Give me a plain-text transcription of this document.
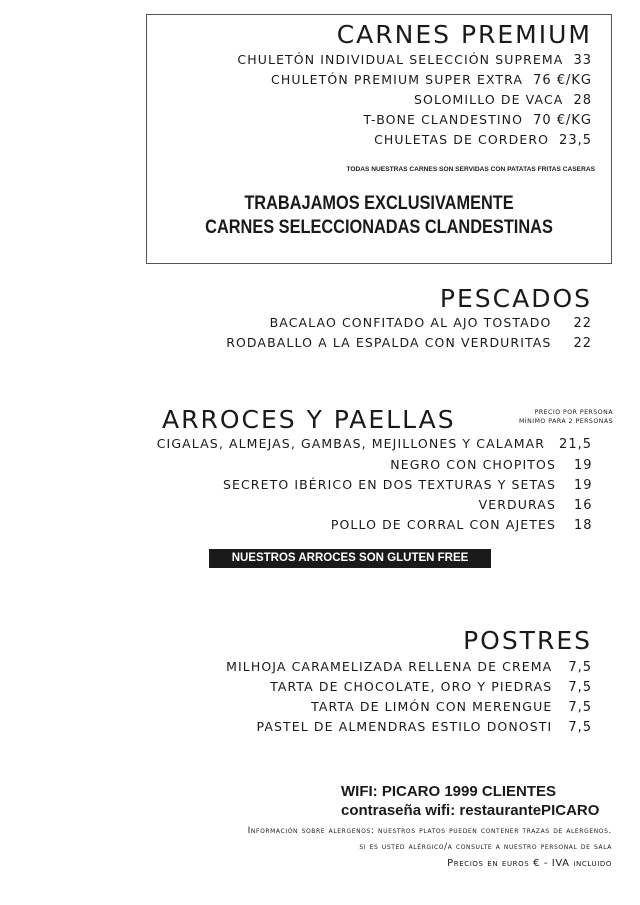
CARNES PREMIUM
CHULETÓN INDIVIDUAL SELECCIÓN SUPREMA 33
CHULETÓN PREMIUM SUPER EXTRA 76 €/KG
SOLOMILLO DE VACA 28
T-BONE CLANDESTINO 70 €/KG
CHULETAS DE CORDERO 23,5
TODAS NUESTRAS CARNES SON SERVIDAS CON PATATAS FRITAS CASERAS
TRABAJAMOS EXCLUSIVAMENTE
CARNES SELECCIONADAS CLANDESTINAS
PESCADOS
BACALAO CONFITADO AL AJO TOSTADO 22
RODABALLO A LA ESPALDA CON VERDURITAS 22
ARROCES Y PAELLAS	PRECIO POR PERSONA
MÍNIMO PARA 2 PERSONAS
CIGALAS, ALMEJAS, GAMBAS, MEJILLONES Y CALAMAR 21,5
NEGRO CON CHOPITOS 19
SECRETO IBÉRICO EN DOS TEXTURAS Y SETAS 19
VERDURAS 16
POLLO DE CORRAL CON AJETES 18
NUESTROS ARROCES SON GLUTEN FREE
POSTRES
MILHOJA CARAMELIZADA RELLENA DE CREMA 7,5
TARTA DE CHOCOLATE, ORO Y PIEDRAS 7,5
TARTA DE LIMÓN CON MERENGUE 7,5
PASTEL DE ALMENDRAS ESTILO DONOSTI 7,5
WIFI: PICARO 1999 CLIENTES
contraseña wifi: restaurantePICARO
Información sobre alergenos: nuestros platos pueden contener trazas de alergenos.
si es usted alérgico/a consulte a nuestro personal de sala
Precios en euros € - IVA incluido
